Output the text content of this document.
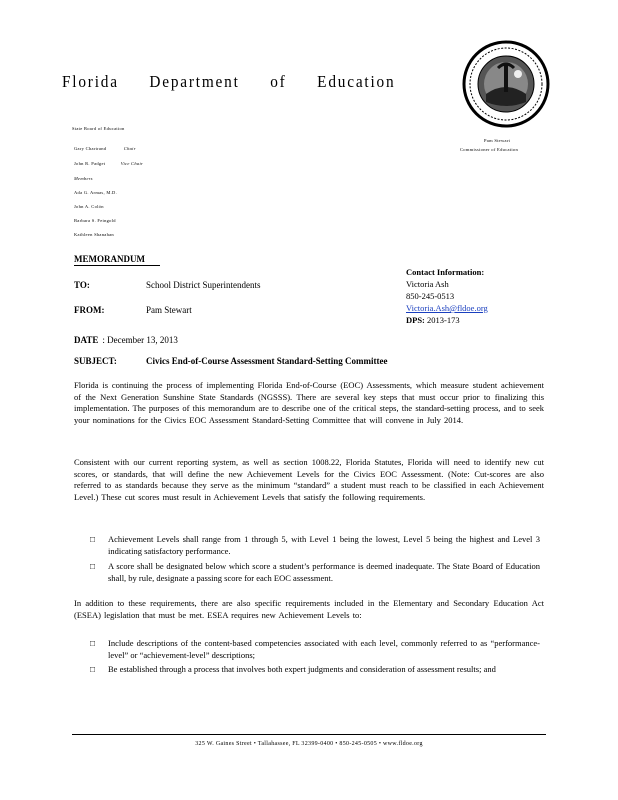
Florida Department of Education
State Board of Education
Gary Chartrand	Chair
John R. Padget	Vice Chair
Members
Ada G. Armas, M.D.
John A. Colón
Barbara S. Feingold
Kathleen Shanahan
Pam Stewart
Commissioner of Education
MEMORANDUM
TO:	School District Superintendents
FROM:	Pam Stewart
DATE : December 13, 2013
SUBJECT:	Civics End-of-Course Assessment Standard-Setting Committee
Contact Information:
Victoria Ash
850-245-0513
Victoria.Ash@fldoe.org
DPS: 2013-173
Florida is continuing the process of implementing Florida End-of-Course (EOC) Assessments, which measure student achievement of the Next Generation Sunshine State Standards (NGSSS). There are several key steps that must occur prior to finalizing this implementation. The purposes of this memorandum are to describe one of the critical steps, the standard-setting process, and to seek your nominations for the Civics EOC Assessment Standard-Setting Committee that will convene in July 2014.
Consistent with our current reporting system, as well as section 1008.22, Florida Statutes, Florida will need to identify new cut scores, or standards, that will define the new Achievement Levels for the Civics EOC Assessment. (Note: Cut-scores are also referred to as standards because they serve as the minimum “standard” a student must reach to be classified in each Achievement Level.) These cut scores must result in Achievement Levels that satisfy the following requirements.
□ Achievement Levels shall range from 1 through 5, with Level 1 being the lowest, Level 5 being the highest and Level 3 indicating satisfactory performance.
□ A score shall be designated below which score a student’s performance is deemed inadequate. The State Board of Education shall, by rule, designate a passing score for each EOC assessment.
In addition to these requirements, there are also specific requirements included in the Elementary and Secondary Education Act (ESEA) legislation that must be met. ESEA requires new Achievement Levels to:
□ Include descriptions of the content-based competencies associated with each level, commonly referred to as “performance-level” or “achievement-level” descriptions;
□ Be established through a process that involves both expert judgments and consideration of assessment results; and
325 W. Gaines Street • Tallahassee, FL 32399-0400 • 850-245-0505 • www.fldoe.org
